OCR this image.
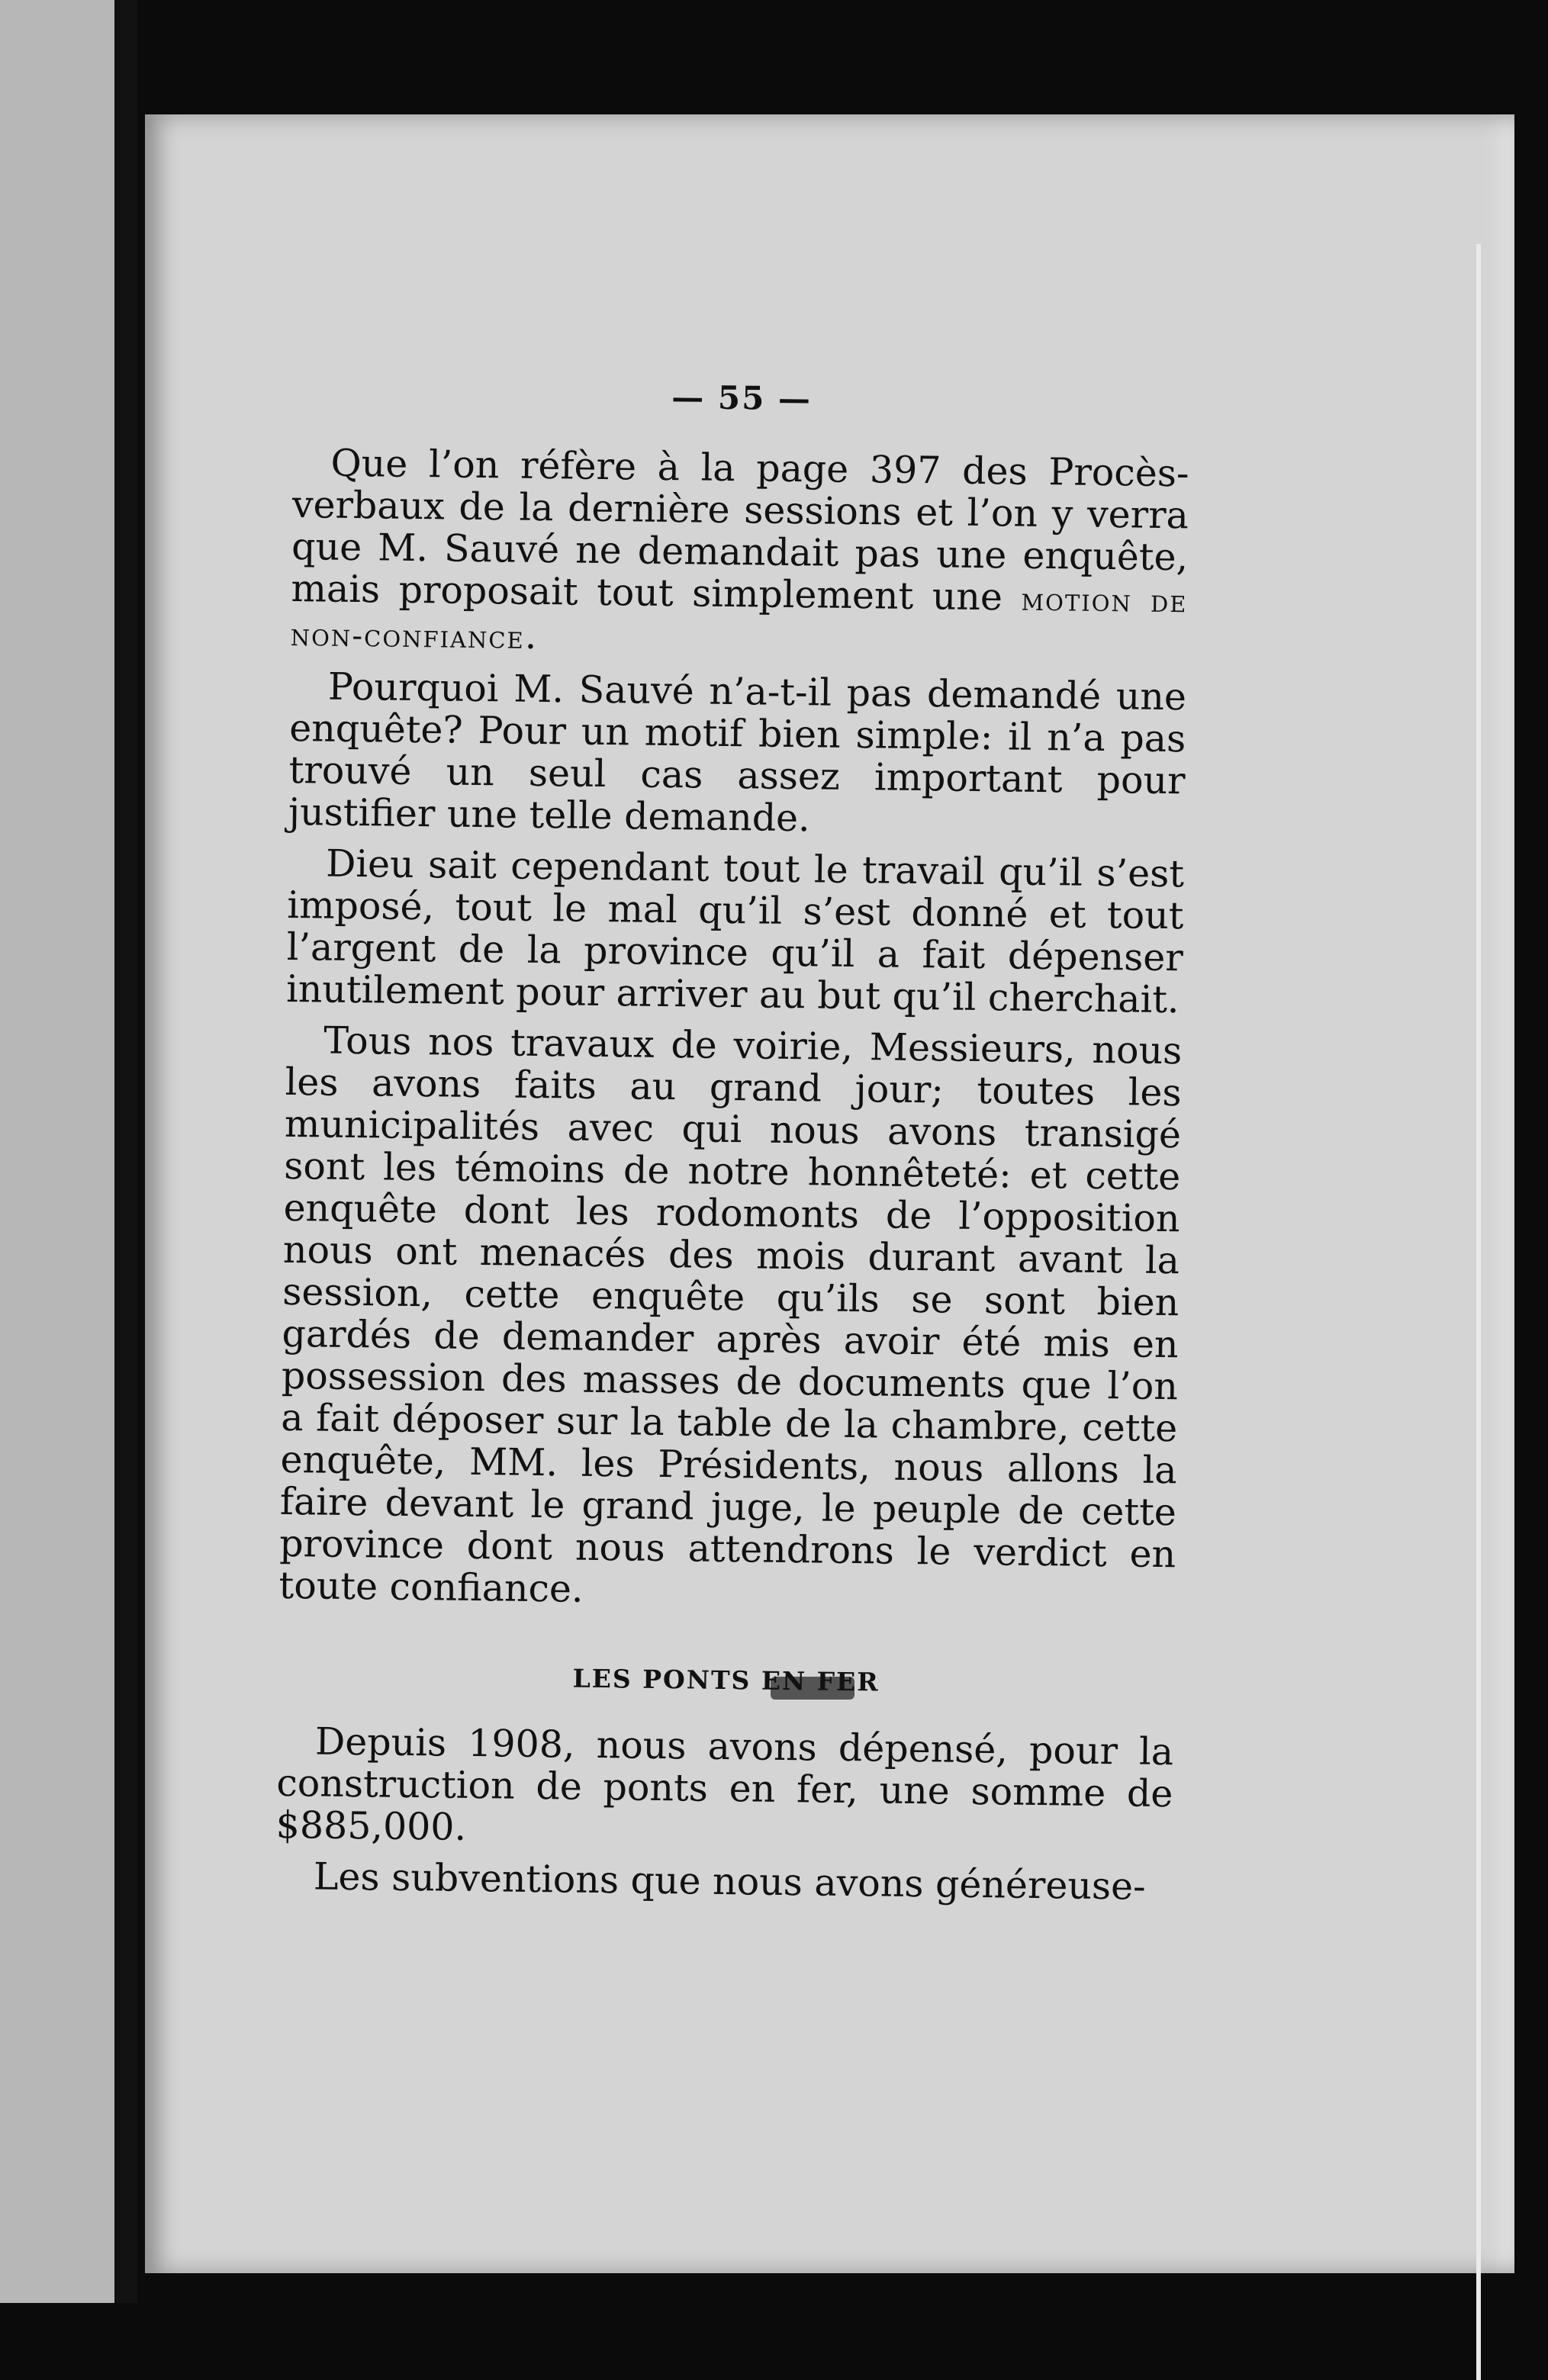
— 55 —

Que l’on réfère à la page 397 des Procès-verbaux de la dernière sessions et l’on y verra que M. Sauvé ne demandait pas une enquête, mais proposait tout simplement une motion de non-confiance.

Pourquoi M. Sauvé n’a-t-il pas demandé une enquête? Pour un motif bien simple: il n’a pas trouvé un seul cas assez important pour justifier une telle demande.

Dieu sait cependant tout le travail qu’il s’est imposé, tout le mal qu’il s’est donné et tout l’argent de la province qu’il a fait dépenser inutilement pour arriver au but qu’il cherchait.

Tous nos travaux de voirie, Messieurs, nous les avons faits au grand jour; toutes les municipalités avec qui nous avons transigé sont les témoins de notre honnêteté: et cette enquête dont les rodomonts de l’opposition nous ont menacés des mois durant avant la session, cette enquête qu’ils se sont bien gardés de demander après avoir été mis en possession des masses de documents que l’on a fait déposer sur la table de la chambre, cette enquête, MM. les Présidents, nous allons la faire devant le grand juge, le peuple de cette province dont nous attendrons le verdict en toute confiance.

LES PONTS EN FER

Depuis 1908, nous avons dépensé, pour la construction de ponts en fer, une somme de $885,000.

Les subventions que nous avons généreuse-
